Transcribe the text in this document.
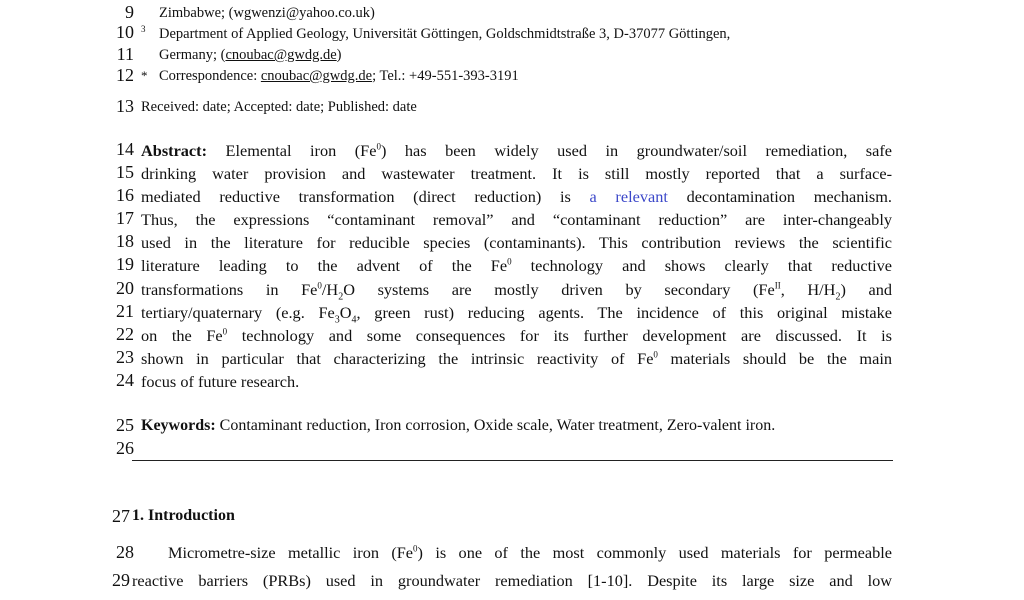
9 Zimbabwe; (wgwenzi@yahoo.co.uk)
10 3 Department of Applied Geology, Universität Göttingen, Goldschmidtstraße 3, D-37077 Göttingen,
11 Germany; (cnoubac@gwdg.de)
12 * Correspondence: cnoubac@gwdg.de; Tel.: +49-551-393-3191
13 Received: date; Accepted: date; Published: date
14
15
16
17
18
19
20
21
22
23
24
Abstract: Elemental iron (Fe$^0$) has been widely used in groundwater/soil remediation, safe
drinking water provision and wastewater treatment. It is still mostly reported that a surface-
mediated reductive transformation (direct reduction) is a relevant decontamination mechanism.
Thus, the expressions “contaminant removal” and “contaminant reduction” are inter-changeably
used in the literature for reducible species (contaminants). This contribution reviews the scientific
literature leading to the advent of the Fe$^0$ technology and shows clearly that reductive
transformations in $Fe^0/H_2O$ systems are mostly driven by secondary ($Fe^{II}$, $H/H_2$) and
tertiary/quaternary (e.g. $Fe_3O_4$, green rust) reducing agents. The incidence of this original mistake
on the Fe$^0$ technology and some consequences for its further development are discussed. It is
shown in particular that characterizing the intrinsic reactivity of Fe$^0$ materials should be the main
focus of future research.
25 Keywords: Contaminant reduction, Iron corrosion, Oxide scale, Water treatment, Zero-valent iron.
26
27 1. Introduction
28 Micrometre-size metallic iron (Fe$^0$) is one of the most commonly used materials for permeable
29 reactive barriers (PRBs) used in groundwater remediation [1-10]. Despite its large size and low
